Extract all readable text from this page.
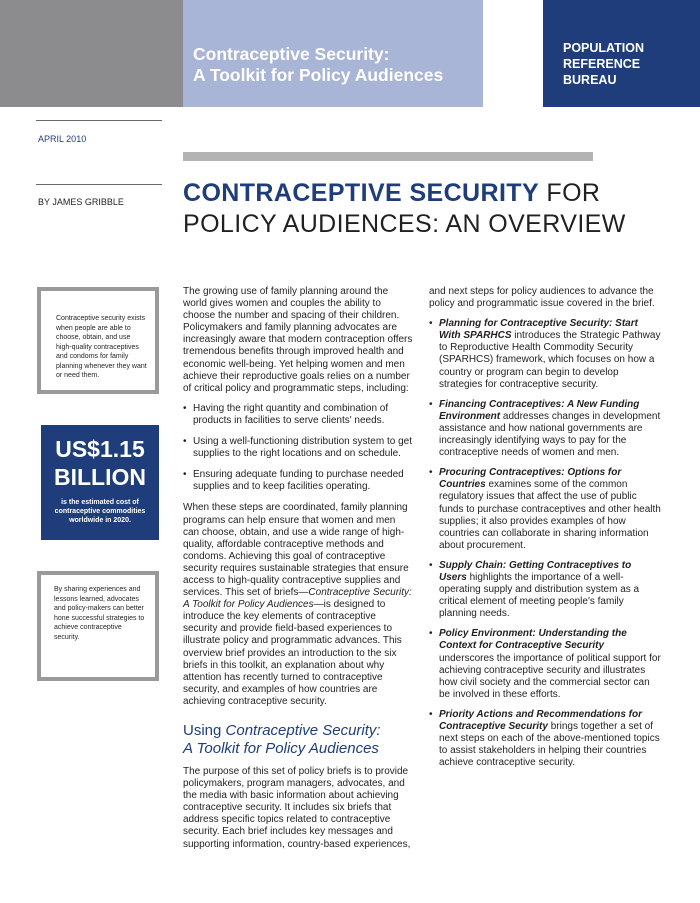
Contraceptive Security:
A Toolkit for Policy Audiences
POPULATION
REFERENCE
BUREAU
APRIL 2010
BY JAMES GRIBBLE CONTRACEPTIVE SECURITY FOR
POLICY AUDIENCES: AN OVERVIEW
Contraceptive security exists when people are able to choose, obtain, and use high-quality contraceptives and condoms for family planning whenever they want or need them.
US$1.15
BILLION
is the estimated cost of contraceptive commodities worldwide in 2020.
By sharing experiences and lessons learned, advocates and policy-makers can better hone successful strategies to achieve contraceptive security.

The growing use of family planning around the world gives women and couples the ability to choose the number and spacing of their children. Policymakers and family planning advocates are increasingly aware that modern contraception offers tremendous benefits through improved health and economic well-being. Yet helping women and men achieve their reproductive goals relies on a number of critical policy and programmatic steps, including:

• Having the right quantity and combination of products in facilities to serve clients' needs.
• Using a well-functioning distribution system to get supplies to the right locations and on schedule.
• Ensuring adequate funding to purchase needed supplies and to keep facilities operating.

When these steps are coordinated, family planning programs can help ensure that women and men can choose, obtain, and use a wide range of high-quality, affordable contraceptive methods and condoms. Achieving this goal of contraceptive security requires sustainable strategies that ensure access to high-quality contraceptive supplies and services. This set of briefs—Contraceptive Security: A Toolkit for Policy Audiences—is designed to introduce the key elements of contraceptive security and provide field-based experiences to illustrate policy and programmatic advances. This overview brief provides an introduction to the six briefs in this toolkit, an explanation about why attention has recently turned to contraceptive security, and examples of how countries are achieving contraceptive security.

Using Contraceptive Security:
A Toolkit for Policy Audiences

The purpose of this set of policy briefs is to provide policymakers, program managers, advocates, and the media with basic information about achieving contraceptive security. It includes six briefs that address specific topics related to contraceptive security. Each brief includes key messages and supporting information, country-based experiences,

and next steps for policy audiences to advance the policy and programmatic issue covered in the brief.

• Planning for Contraceptive Security: Start With SPARHCS introduces the Strategic Pathway to Reproductive Health Commodity Security (SPARHCS) framework, which focuses on how a country or program can begin to develop strategies for contraceptive security.
• Financing Contraceptives: A New Funding Environment addresses changes in development assistance and how national governments are increasingly identifying ways to pay for the contraceptive needs of women and men.
• Procuring Contraceptives: Options for Countries examines some of the common regulatory issues that affect the use of public funds to purchase contraceptives and other health supplies; it also provides examples of how countries can collaborate in sharing information about procurement.
• Supply Chain: Getting Contraceptives to Users highlights the importance of a well-operating supply and distribution system as a critical element of meeting people's family planning needs.
• Policy Environment: Understanding the Context for Contraceptive Security underscores the importance of political support for achieving contraceptive security and illustrates how civil society and the commercial sector can be involved in these efforts.
• Priority Actions and Recommendations for Contraceptive Security brings together a set of next steps on each of the above-mentioned topics to assist stakeholders in helping their countries achieve contraceptive security.
